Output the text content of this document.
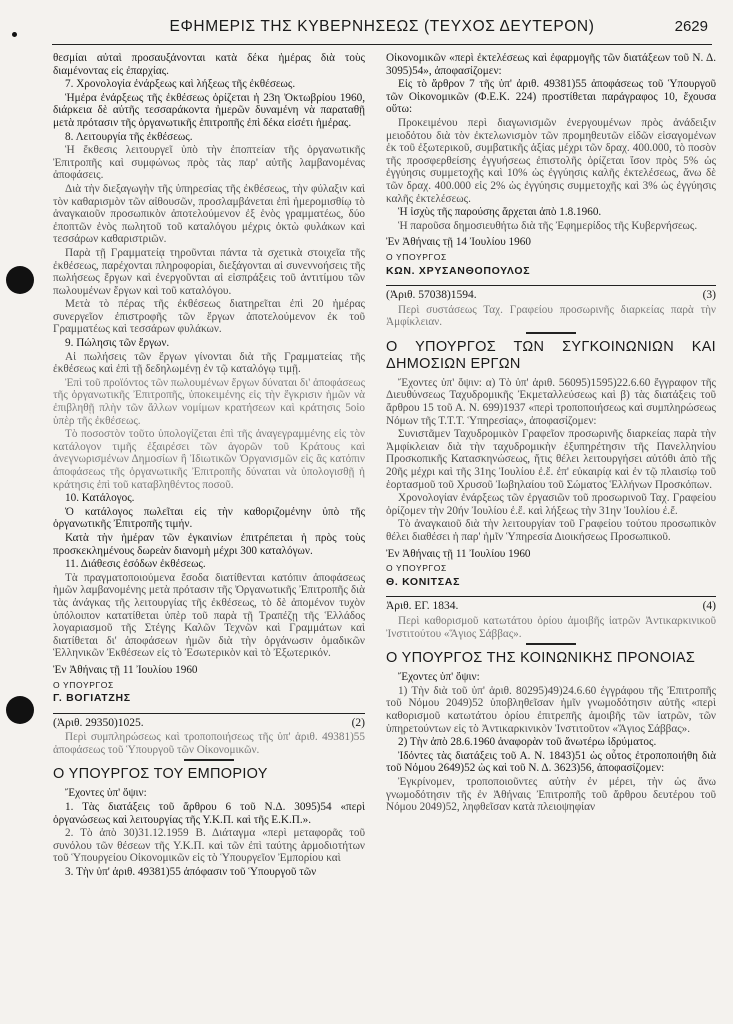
ΕΦΗΜΕΡΙΣ ΤΗΣ ΚΥΒΕΡΝΗΣΕΩΣ (ΤΕΥΧΟΣ ΔΕΥΤΕΡΟΝ)	2629

θεσμίαι αὐταὶ προσαυξάνονται κατὰ δέκα ἡμέρας διὰ τοὺς διαμένοντας εἰς ἐπαρχίας.

7. Χρονολογία ἐνάρξεως καὶ λήξεως τῆς ἐκθέσεως.

Ἡμέρα ἐνάρξεως τῆς ἐκθέσεως ὁρίζεται ἡ 23η Ὀκτωβρίου 1960, διάρκεια δὲ αὐτῆς τεσσαράκοντα ἡμερῶν δυναμένη νὰ παραταθῇ μετὰ πρότασιν τῆς ὀργανωτικῆς ἐπιτροπῆς ἐπὶ δέκα εἰσέτι ἡμέρας.

8. Λειτουργία τῆς ἐκθέσεως.

Ἡ ἔκθεσις λειτουργεῖ ὑπὸ τὴν ἐποπτείαν τῆς ὀργανωτικῆς Ἐπιτροπῆς καὶ συμφώνως πρὸς τὰς παρ' αὐτῆς λαμβανομένας ἀποφάσεις.

Διὰ τὴν διεξαγωγὴν τῆς ὑπηρεσίας τῆς ἐκθέσεως, τὴν φύλαξιν καὶ τὸν καθαρισμὸν τῶν αἰθουσῶν, προσλαμβάνεται ἐπὶ ἡμερομισθίῳ τὸ ἀναγκαιοῦν προσωπικὸν ἀποτελούμενον ἐξ ἑνὸς γραμματέως, δύο ἐποπτῶν ἑνὸς πωλητοῦ τοῦ καταλόγου μέχρις ὀκτὼ φυλάκων καὶ τεσσάρων καθαριστριῶν.

Παρὰ τῇ Γραμματείᾳ τηροῦνται πάντα τὰ σχετικὰ στοιχεῖα τῆς ἐκθέσεως, παρέχονται πληροφορίαι, διεξάγονται αἱ συνεννοήσεις τῆς πωλήσεως ἔργων καὶ ἐνεργοῦνται αἱ εἰσπράξεις τοῦ ἀντιτίμου τῶν πωλουμένων ἔργων καὶ τοῦ καταλόγου.

Μετὰ τὸ πέρας τῆς ἐκθέσεως διατηρεῖται ἐπὶ 20 ἡμέρας συνεργεῖον ἐπιστροφῆς τῶν ἔργων ἀποτελούμενον ἐκ τοῦ Γραμματέως καὶ τεσσάρων φυλάκων.

9. Πώλησις τῶν ἔργων.

Αἱ πωλήσεις τῶν ἔργων γίνονται διὰ τῆς Γραμματείας τῆς ἐκθέσεως καὶ ἐπὶ τῇ δεδηλωμένῃ ἐν τῷ καταλόγῳ τιμῇ.

Ἐπὶ τοῦ προϊόντος τῶν πωλουμένων ἔργων δύναται δι' ἀποφάσεως τῆς ὀργανωτικῆς Ἐπιτροπῆς, ὑποκειμένης εἰς τὴν ἔγκρισιν ἡμῶν νὰ ἐπιβληθῇ πλὴν τῶν ἄλλων νομίμων κρατήσεων καὶ κράτησις 5οἱο ὑπὲρ τῆς ἐκθέσεως.

Τὸ ποσοστὸν τοῦτο ὑπολογίζεται ἐπὶ τῆς ἀναγεγραμμένης εἰς τὸν κατάλογον τιμῆς ἐξαιρέσει τῶν ἀγορῶν τοῦ Κράτους καὶ ἀνεγνωρισμένων Δημοσίων ἢ Ἰδιωτικῶν Ὀργανισμῶν εἰς ἃς κατόπιν ἀποφάσεως τῆς ὀργανωτικῆς Ἐπιτροπῆς δύναται νὰ ὑπολογισθῇ ἡ κράτησις ἐπὶ τοῦ καταβληθέντος ποσοῦ.

10. Κατάλογος.

Ὁ κατάλογος πωλεῖται εἰς τὴν καθοριζομένην ὑπὸ τῆς ὀργανωτικῆς Ἐπιτροπῆς τιμήν.

Κατὰ τὴν ἡμέραν τῶν ἐγκαινίων ἐπιτρέπεται ἡ πρὸς τοὺς προσκεκλημένους δωρεὰν διανομὴ μέχρι 300 καταλόγων.

11. Διάθεσις ἐσόδων ἐκθέσεως.

Τὰ πραγματοποιούμενα ἔσοδα διατίθενται κατόπιν ἀποφάσεως ἡμῶν λαμβανομένης μετὰ πρότασιν τῆς Ὀργανωτικῆς Ἐπιτροπῆς διὰ τὰς ἀνάγκας τῆς λειτουργίας τῆς ἐκθέσεως, τὸ δὲ ἀπομένον τυχὸν ὑπόλοιπον κατατίθεται ὑπὲρ τοῦ παρὰ τῇ Τραπέζῃ τῆς Ἑλλάδος λογαριασμοῦ τῆς Στέγης Καλῶν Τεχνῶν καὶ Γραμμάτων καὶ διατίθεται δι' ἀποφάσεων ἡμῶν διὰ τὴν ὀργάνωσιν ὁμαδικῶν Ἑλληνικῶν Ἐκθέσεων εἰς τὸ Ἐσωτερικὸν καὶ τὸ Ἐξωτερικόν.

Ἐν Ἀθήναις τῇ 11 Ἰουλίου 1960

Ο ΥΠΟΥΡΓΟΣ

Γ. ΒΟΓΙΑΤΖΗΣ

(Ἀριθ. 29350)1025.	(2)

Περὶ συμπληρώσεως καὶ τροποποιήσεως τῆς ὑπ' ἀριθ. 49381)55 ἀποφάσεως τοῦ Ὑπουργοῦ τῶν Οἰκονομικῶν.

Ο ΥΠΟΥΡΓΟΣ ΤΟΥ ΕΜΠΟΡΙΟΥ

Ἔχοντες ὑπ' ὄψιν:

1. Τὰς διατάξεις τοῦ ἄρθρου 6 τοῦ Ν.Δ. 3095)54 «περὶ ὀργανώσεως καὶ λειτουργίας τῆς Υ.Κ.Π. καὶ τῆς Ε.Κ.Π.».

2. Τὸ ἀπὸ 30)31.12.1959 Β. Διάταγμα «περὶ μεταφορᾶς τοῦ συνόλου τῶν θέσεων τῆς Υ.Κ.Π. καὶ τῶν ἐπὶ ταύτης ἁρμοδιοτήτων τοῦ Ὑπουργείου Οἰκονομικῶν εἰς τὸ Ὑπουργεῖον Ἐμπορίου καὶ

3. Τὴν ὑπ' ἀριθ. 49381)55 ἀπόφασιν τοῦ Ὑπουργοῦ τῶν

Οἰκονομικῶν «περὶ ἐκτελέσεως καὶ ἐφαρμογῆς τῶν διατάξεων τοῦ Ν. Δ. 3095)54», ἀποφασίζομεν:

Εἰς τὸ ἄρθρον 7 τῆς ὑπ' ἀριθ. 49381)55 ἀποφάσεως τοῦ Ὑπουργοῦ τῶν Οἰκονομικῶν (Φ.Ε.Κ. 224) προστίθεται παράγραφος 10, ἔχουσα οὕτω:

Προκειμένου περὶ διαγωνισμῶν ἐνεργουμένων πρὸς ἀνάδειξιν μειοδότου διὰ τὸν ἐκτελωνισμὸν τῶν προμηθευτῶν εἰδῶν εἰσαγομένων ἐκ τοῦ ἐξωτερικοῦ, συμβατικῆς ἀξίας μέχρι τῶν δραχ. 400.000, τὸ ποσὸν τῆς προσφερθείσης ἐγγυήσεως ἐπιστολῆς ὁρίζεται ἴσον πρὸς 5% ὡς ἐγγύησις συμμετοχῆς καὶ 10% ὡς ἐγγύησις καλῆς ἐκτελέσεως, ἄνω δὲ τῶν δραχ. 400.000 εἰς 2% ὡς ἐγγύησις συμμετοχῆς καὶ 3% ὡς ἐγγύησις καλῆς ἐκτελέσεως.

Ἡ ἰσχὺς τῆς παρούσης ἄρχεται ἀπὸ 1.8.1960.

Ἡ παροῦσα δημοσιευθήτω διὰ τῆς Ἐφημερίδος τῆς Κυβερνήσεως.

Ἐν Ἀθήναις τῇ 14 Ἰουλίου 1960

Ο ΥΠΟΥΡΓΟΣ

ΚΩΝ. ΧΡΥΣΑΝΘΟΠΟΥΛΟΣ

(Ἀριθ. 57038)1594.	(3)

Περὶ συστάσεως Ταχ. Γραφείου προσωρινῆς διαρκείας παρὰ τὴν Ἀμφίκλειαν.

Ο ΥΠΟΥΡΓΟΣ ΤΩΝ ΣΥΓΚΟΙΝΩΝΙΩΝ ΚΑΙ ΔΗΜΟΣΙΩΝ ΕΡΓΩΝ

Ἔχοντες ὑπ' ὄψιν: α) Τὸ ὑπ' ἀριθ. 56095)1595)22.6.60 ἔγγραφον τῆς Διευθύνσεως Ταχυδρομικῆς Ἐκμεταλλεύσεως καὶ β) τὰς διατάξεις τοῦ ἄρθρου 15 τοῦ Α. Ν. 699)1937 «περὶ τροποποιήσεως καὶ συμπληρώσεως Νόμων τῆς Τ.Τ.Τ. Ὑπηρεσίας», ἀποφασίζομεν:

Συνιστᾶμεν Ταχυδρομικὸν Γραφεῖον προσωρινῆς διαρκείας παρὰ τὴν Ἀμφίκλειαν διὰ τὴν ταχυδρομικὴν ἐξυπηρέτησιν τῆς Πανελληνίου Προσκοπικῆς Κατασκηνώσεως, ἥτις θέλει λειτουργήσει αὐτόθι ἀπὸ τῆς 20ῆς μέχρι καὶ τῆς 31ης Ἰουλίου ἐ.ἔ. ἐπ' εὐκαιρίᾳ καὶ ἐν τῷ πλαισίῳ τοῦ ἑορτασμοῦ τοῦ Χρυσοῦ Ἰωβηλαίου τοῦ Σώματος Ἑλλήνων Προσκόπων.

Χρονολογίαν ἐνάρξεως τῶν ἐργασιῶν τοῦ προσωρινοῦ Ταχ. Γραφείου ὁρίζομεν τὴν 20ήν Ἰουλίου ἐ.ἔ. καὶ λήξεως τὴν 31ην Ἰουλίου ἐ.ἔ.

Τὸ ἀναγκαιοῦ διὰ τὴν λειτουργίαν τοῦ Γραφείου τούτου προσωπικὸν θέλει διαθέσει ἡ παρ' ἡμῖν Ὑπηρεσία Διοικήσεως Προσωπικοῦ.

Ἐν Ἀθήναις τῇ 11 Ἰουλίου 1960

Ο ΥΠΟΥΡΓΟΣ

Θ. ΚΟΝΙΤΣΑΣ

Ἀριθ. ΕΓ. 1834.	(4)

Περὶ καθορισμοῦ κατωτάτου ὁρίου ἀμοιβῆς ἰατρῶν Ἀντικαρκινικοῦ Ἰνστιτούτου «Ἅγιος Σάββας».

Ο ΥΠΟΥΡΓΟΣ ΤΗΣ ΚΟΙΝΩΝΙΚΗΣ ΠΡΟΝΟΙΑΣ

Ἔχοντες ὑπ' ὄψιν:

1) Τὴν διὰ τοῦ ὑπ' ἀριθ. 80295)49)24.6.60 ἐγγράφου τῆς Ἐπιτροπῆς τοῦ Νόμου 2049)52 ὑποβληθεῖσαν ἡμῖν γνωμοδότησιν αὐτῆς «περὶ καθορισμοῦ κατωτάτου ὁρίου ἐπιτρεπῆς ἀμοιβῆς τῶν ἰατρῶν, τῶν ὑπηρετούντων εἰς τὸ Ἀντικαρκινικὸν Ἰνστιτοῦτον «Ἅγιος Σάββας».

2) Τὴν ἀπὸ 28.6.1960 ἀναφορὰν τοῦ ἄνωτέρω ἰδρύματος.

Ἰδόντες τὰς διατάξεις τοῦ Α. Ν. 1843)51 ὡς οὗτος ἐτροποποιήθη διὰ τοῦ Νόμου 2649)52 ὡς καὶ τοῦ Ν. Δ. 3623)56, ἀποφασίζομεν:

Ἐγκρίνομεν, τροποποιοῦντες αὐτὴν ἐν μέρει, τὴν ὡς ἄνω γνωμοδότησιν τῆς ἐν Ἀθήναις Ἐπιτροπῆς τοῦ ἄρθρου δευτέρου τοῦ Νόμου 2049)52, ληφθεῖσαν κατὰ πλειοψηφίαν
